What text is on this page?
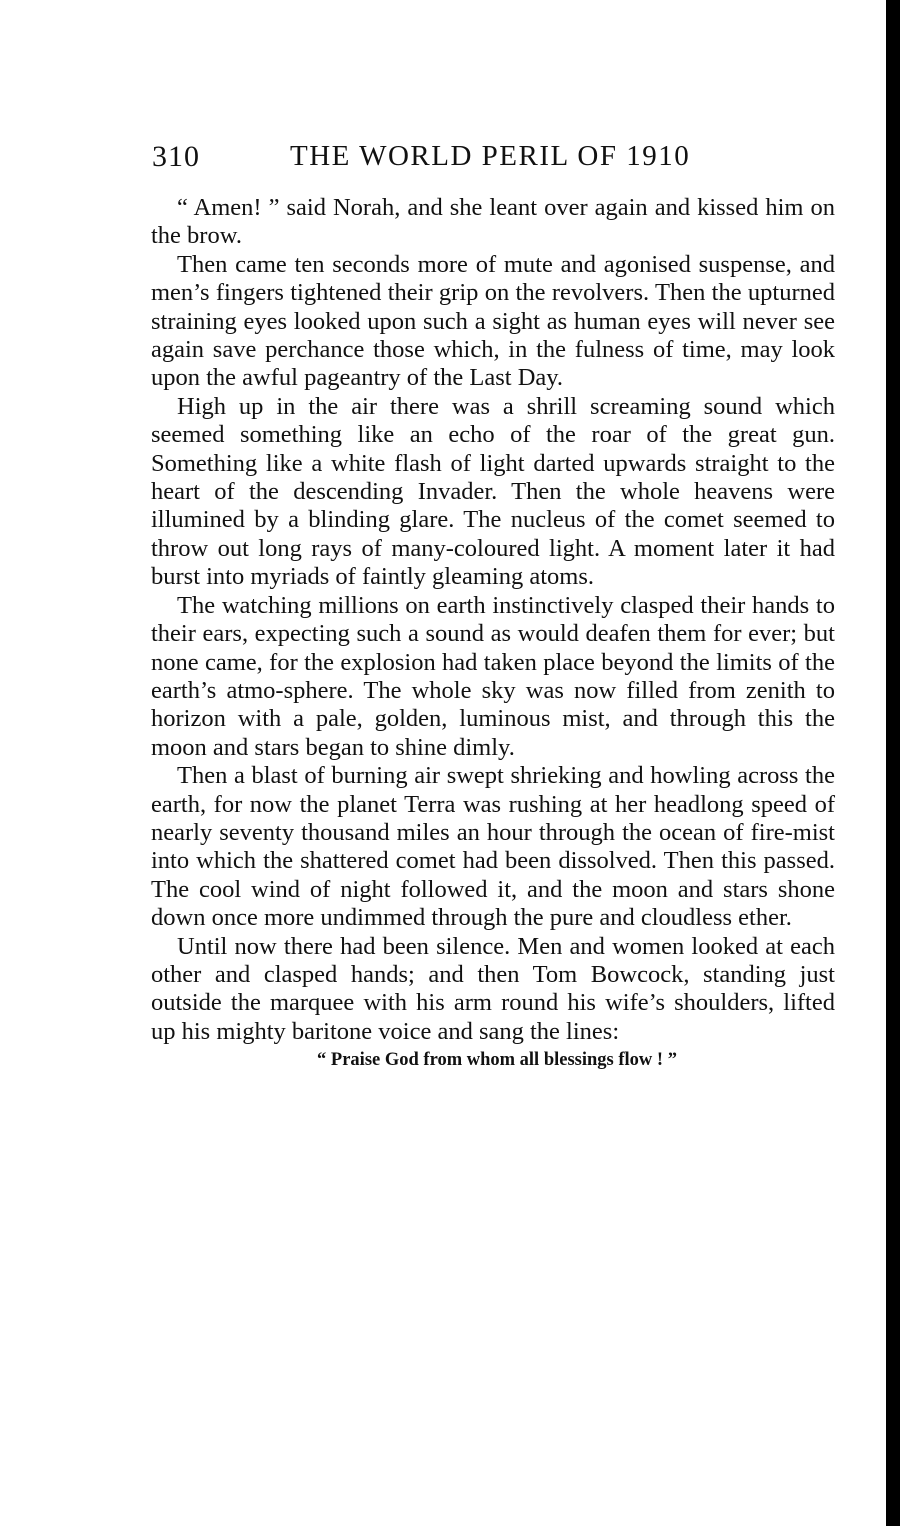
310	THE WORLD PERIL OF 1910

“ Amen! ” said Norah, and she leant over again and kissed him on the brow.

Then came ten seconds more of mute and agonised suspense, and men’s fingers tightened their grip on the revolvers. Then the upturned straining eyes looked upon such a sight as human eyes will never see again save perchance those which, in the fulness of time, may look upon the awful pageantry of the Last Day.

High up in the air there was a shrill screaming sound which seemed something like an echo of the roar of the great gun. Something like a white flash of light darted upwards straight to the heart of the descending Invader. Then the whole heavens were illumined by a blinding glare. The nucleus of the comet seemed to throw out long rays of many-coloured light. A moment later it had burst into myriads of faintly gleaming atoms.

The watching millions on earth instinctively clasped their hands to their ears, expecting such a sound as would deafen them for ever; but none came, for the explosion had taken place beyond the limits of the earth’s atmo-sphere. The whole sky was now filled from zenith to horizon with a pale, golden, luminous mist, and through this the moon and stars began to shine dimly.

Then a blast of burning air swept shrieking and howling across the earth, for now the planet Terra was rushing at her headlong speed of nearly seventy thousand miles an hour through the ocean of fire-mist into which the shattered comet had been dissolved. Then this passed. The cool wind of night followed it, and the moon and stars shone down once more undimmed through the pure and cloudless ether.

Until now there had been silence. Men and women looked at each other and clasped hands; and then Tom Bowcock, standing just outside the marquee with his arm round his wife’s shoulders, lifted up his mighty baritone voice and sang the lines:

“ Praise God from whom all blessings flow ! ”
